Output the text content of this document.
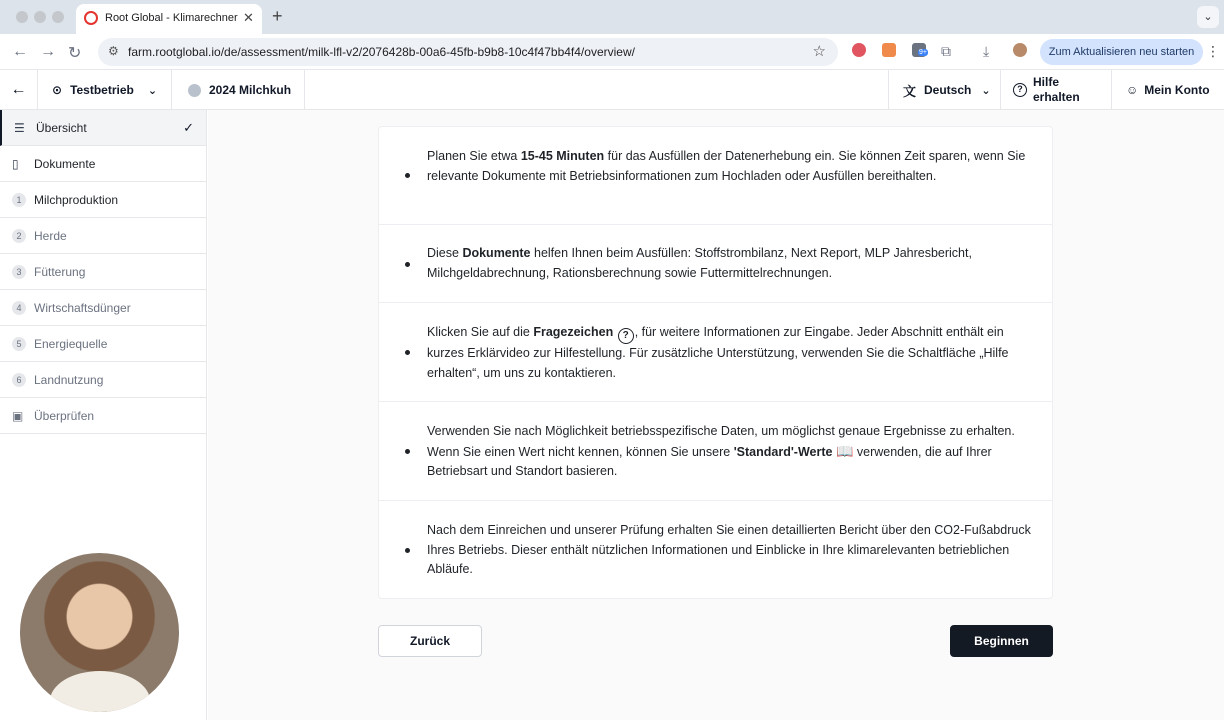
Root Global - Klimarechner ✕ +	⌄
← → ↻ ⚙ farm.rootglobal.io/de/assessment/milk-lfl-v2/2076428b-00a6-45fb-b9b8-10c4f47bb4f4/overview/	☆	9+ ⧉ ⤓	Zum Aktualisieren neu starten ⋮
← ⊙ Testbetrieb ⌄	2024 Milchkuh	文 Deutsch ⌄	? Hilfe
erhalten	☺ Mein Konto
☰ Übersicht	✓
▯ Dokumente
1	Milchproduktion
2	Herde
3	Fütterung
4	Wirtschaftsdünger
5	Energiequelle
6	Landnutzung
▣ Überprüfen
Planen Sie etwa 15-45 Minuten für das Ausfüllen der Datenerhebung ein. Sie können Zeit sparen, wenn Sie relevante Dokumente mit Betriebsinformationen zum Hochladen oder Ausfüllen bereithalten.
Diese Dokumente helfen Ihnen beim Ausfüllen: Stoffstrombilanz, Next Report, MLP Jahresbericht, Milchgeldabrechnung, Rationsberechnung sowie Futtermittelrechnungen.
Klicken Sie auf die Fragezeichen ? , für weitere Informationen zur Eingabe. Jeder Abschnitt enthält ein kurzes Erklärvideo zur Hilfestellung. Für zusätzliche Unterstützung, verwenden Sie die Schaltfläche „Hilfe erhalten“, um uns zu kontaktieren.
Verwenden Sie nach Möglichkeit betriebsspezifische Daten, um möglichst genaue Ergebnisse zu erhalten. Wenn Sie einen Wert nicht kennen, können Sie unsere 'Standard'-Werte 📖 verwenden, die auf Ihrer Betriebsart und Standort basieren.
Nach dem Einreichen und unserer Prüfung erhalten Sie einen detaillierten Bericht über den CO2-Fußabdruck Ihres Betriebs. Dieser enthält nützlichen Informationen und Einblicke in Ihre klimarelevanten betrieblichen Abläufe.
Zurück	Beginnen
